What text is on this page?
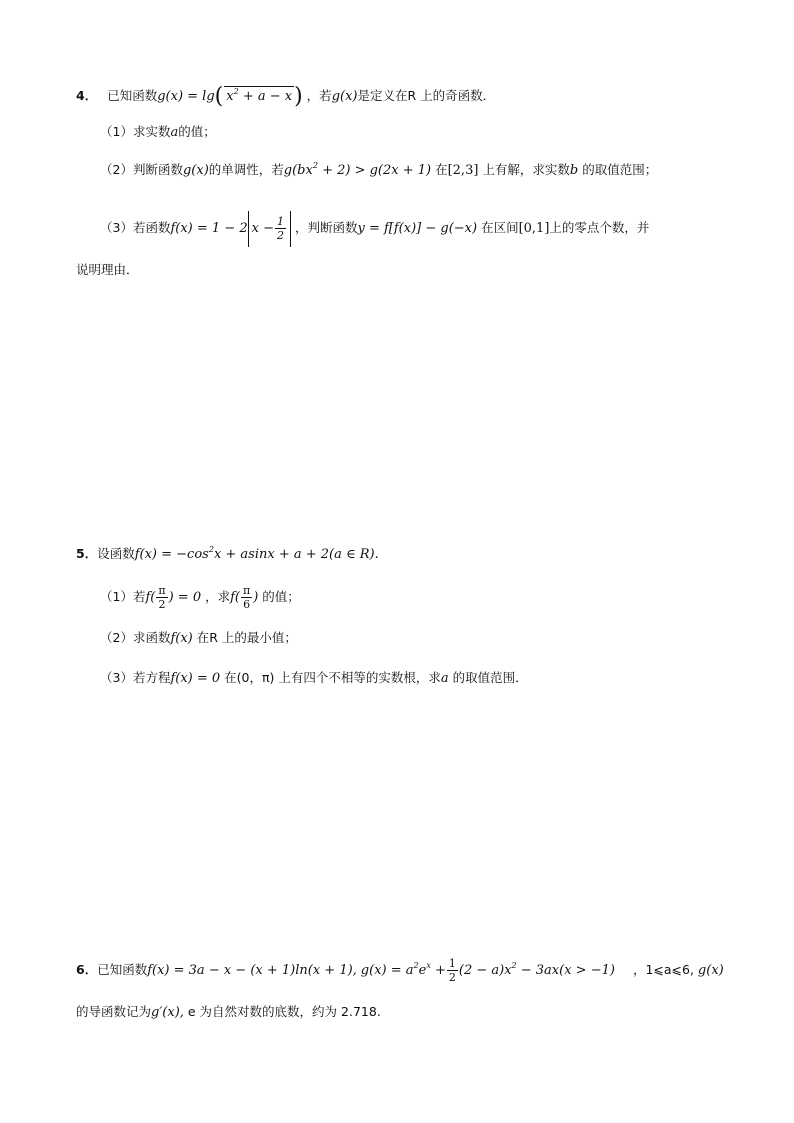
4． 已知函数g(x) = lg( $x^2 + a - x$) ，若g(x)是定义在R 上的奇函数．
（1）求实数a的值；
（2）判断函数g(x)的单调性，若$g(bx^2 + 2) > g(2x + 1)$ 在[2,3] 上有解，求实数b 的取值范围；
（3）若函数f(x) = 1 − 2 $x - \frac{1}{2}$ ，判断函数y = f[f(x)] − g(−x) 在区间[0,1]上的零点个数，并
说明理由．
5．设函数$f(x) = -\cos^2x + asinx + a + 2(a$ ∈ R).
（1）若$f( \frac{\pi}{2}$ ) = 0 ，求$f( \frac{\pi}{6}$ ) 的值；
（2）求函数f(x) 在R 上的最小值；
（3）若方程f(x) = 0 在(0，π) 上有四个不相等的实数根，求a 的取值范围．
6．已知函数f(x) = 3a − x − (x + 1)ln(x + 1), $g(x) = a^2e^x + \frac{1}{2} (2 - a)x^2 - 3ax(x > -1)$ ，1⩽a⩽6, g(x)
的导函数记为g′(x), e 为自然对数的底数，约为 2.718.
